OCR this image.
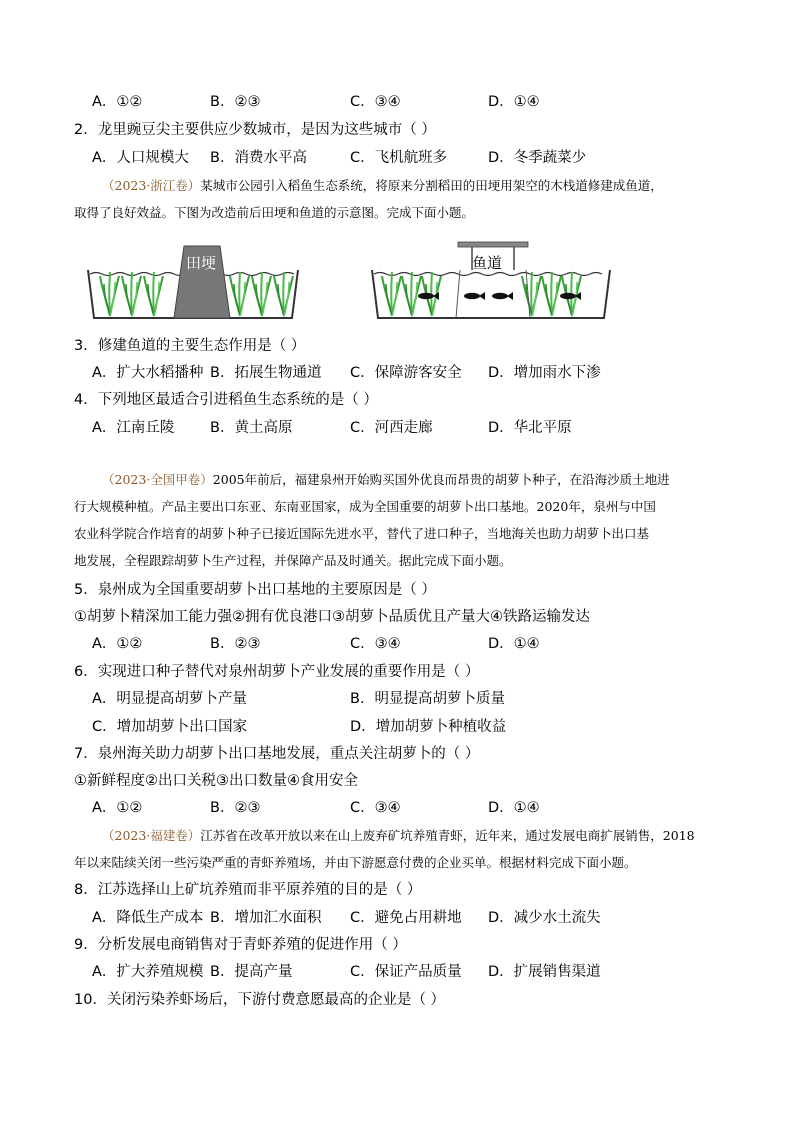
A．①②	B．②③	C．③④	D．①④
2．龙里豌豆尖主要供应少数城市，是因为这些城市（ ）
A．人口规模大 B．消费水平高	C．飞机航班多	D．冬季蔬菜少
（2023·浙江卷）某城市公园引入稻鱼生态系统，将原来分割稻田的田埂用架空的木栈道修建成鱼道，
取得了良好效益。下图为改造前后田埂和鱼道的示意图。完成下面小题。
田埂	鱼道
3．修建鱼道的主要生态作用是（ ）
A．扩大水稻播种 B．拓展生物通道 C．保障游客安全 D．增加雨水下渗
4．下列地区最适合引进稻鱼生态系统的是（ ）
A．江南丘陵 B．黄土高原	C．河西走廊	D．华北平原
（2023·全国甲卷）2005年前后，福建泉州开始购买国外优良而昂贵的胡萝卜种子，在沿海沙质土地进
行大规模种植。产品主要出口东亚、东南亚国家，成为全国重要的胡萝卜出口基地。2020年，泉州与中国
农业科学院合作培育的胡萝卜种子已接近国际先进水平，替代了进口种子，当地海关也助力胡萝卜出口基
地发展，全程跟踪胡萝卜生产过程，并保障产品及时通关。据此完成下面小题。
5．泉州成为全国重要胡萝卜出口基地的主要原因是（ ）
①胡萝卜精深加工能力强②拥有优良港口③胡萝卜品质优且产量大④铁路运输发达
A．①②	B．②③	C．③④	D．①④
6．实现进口种子替代对泉州胡萝卜产业发展的重要作用是（ ）
A．明显提高胡萝卜产量	B．明显提高胡萝卜质量
C．增加胡萝卜出口国家	D．增加胡萝卜种植收益
7．泉州海关助力胡萝卜出口基地发展，重点关注胡萝卜的（ ）
①新鲜程度②出口关税③出口数量④食用安全
A．①②	B．②③	C．③④	D．①④
（2023·福建卷）江苏省在改革开放以来在山上废弃矿坑养殖青虾，近年来，通过发展电商扩展销售，2018
年以来陆续关闭一些污染严重的青虾养殖场，并由下游愿意付费的企业买单。根据材料完成下面小题。
8．江苏选择山上矿坑养殖而非平原养殖的目的是（ ）
A．降低生产成本 B．增加汇水面积 C．避免占用耕地 D．减少水土流失
9．分析发展电商销售对于青虾养殖的促进作用（ ）
A．扩大养殖规模 B．提高产量	C．保证产品质量 D．扩展销售渠道
10．关闭污染养虾场后，下游付费意愿最高的企业是（ ）
